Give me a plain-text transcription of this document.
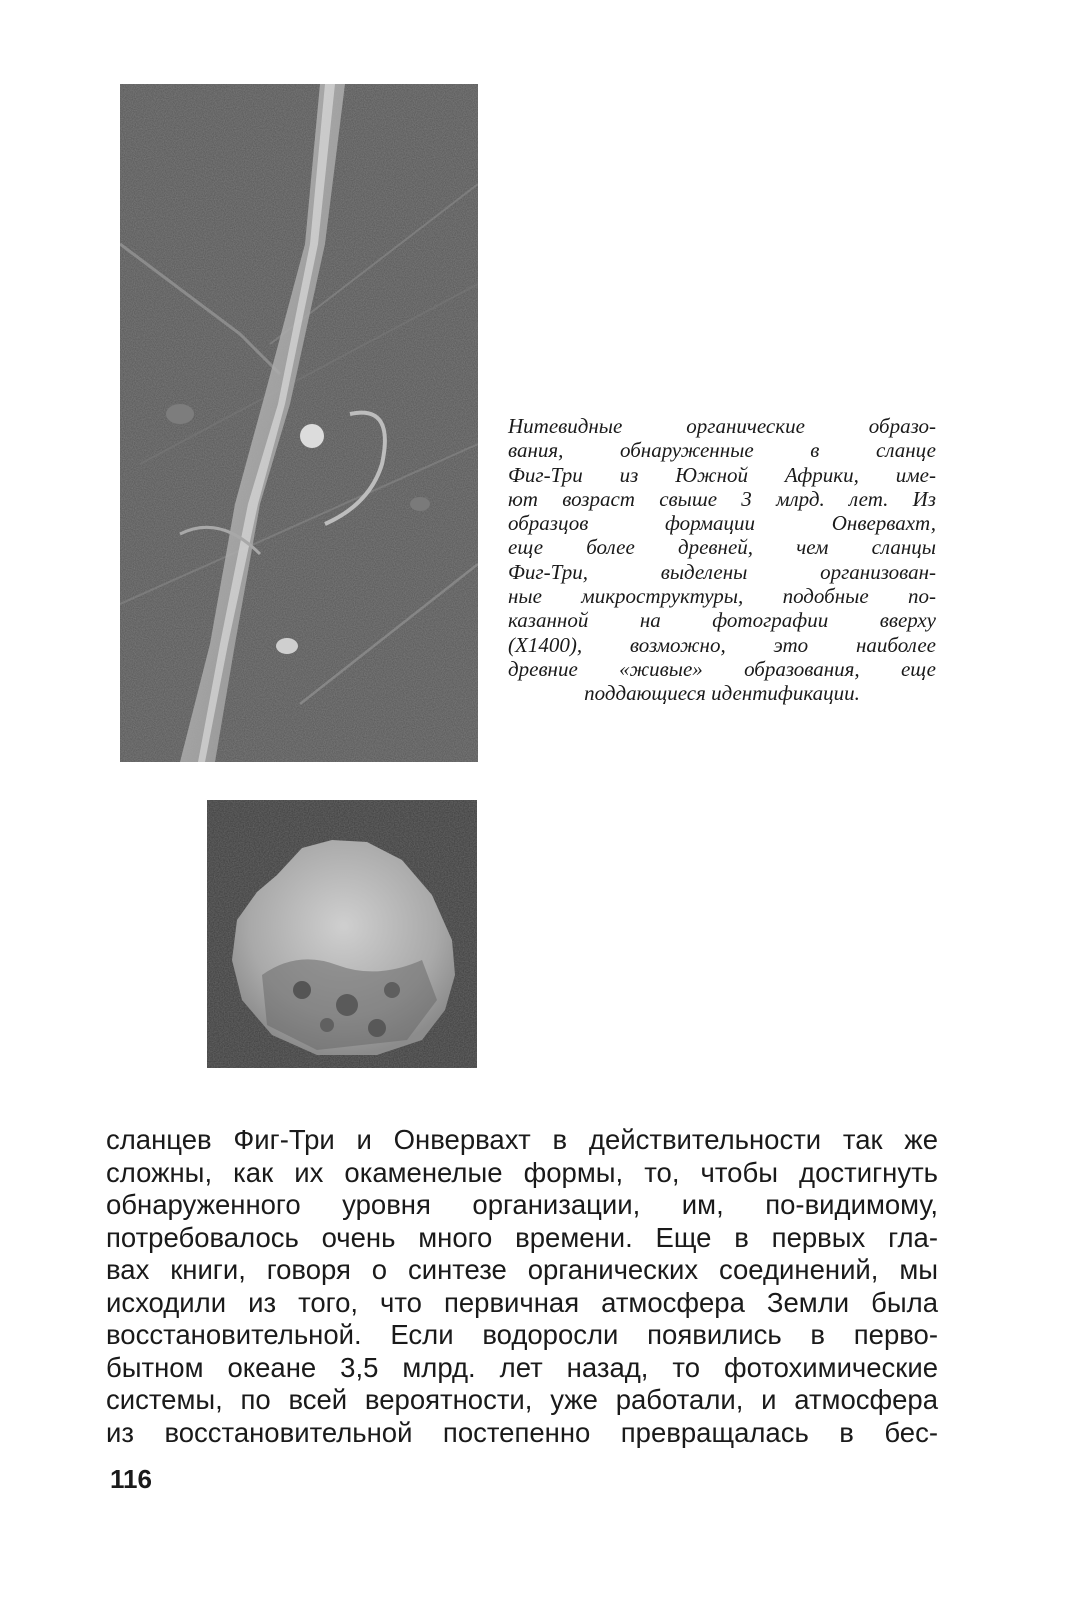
Нитевидные органические образо-
вания, обнаруженные в сланце
Фиг-Три из Южной Африки, име-
ют возраст свыше 3 млрд. лет. Из
образцов формации Онвервахт,
еще более древней, чем сланцы
Фиг-Три, выделены организован-
ные микроструктуры, подобные по-
казанной на фотографии вверху
(X1400), возможно, это наиболее
древние «живые» образования, еще
поддающиеся идентификации.
сланцев Фиг-Три и Онвервахт в действительности так же
сложны, как их окаменелые формы, то, чтобы достигнуть
обнаруженного уровня организации, им, по-видимому,
потребовалось очень много времени. Еще в первых гла-
вах книги, говоря о синтезе органических соединений, мы
исходили из того, что первичная атмосфера Земли была
восстановительной. Если водоросли появились в перво-
бытном океане 3,5 млрд. лет назад, то фотохимические
системы, по всей вероятности, уже работали, и атмосфера
из восстановительной постепенно превращалась в бес-
116
